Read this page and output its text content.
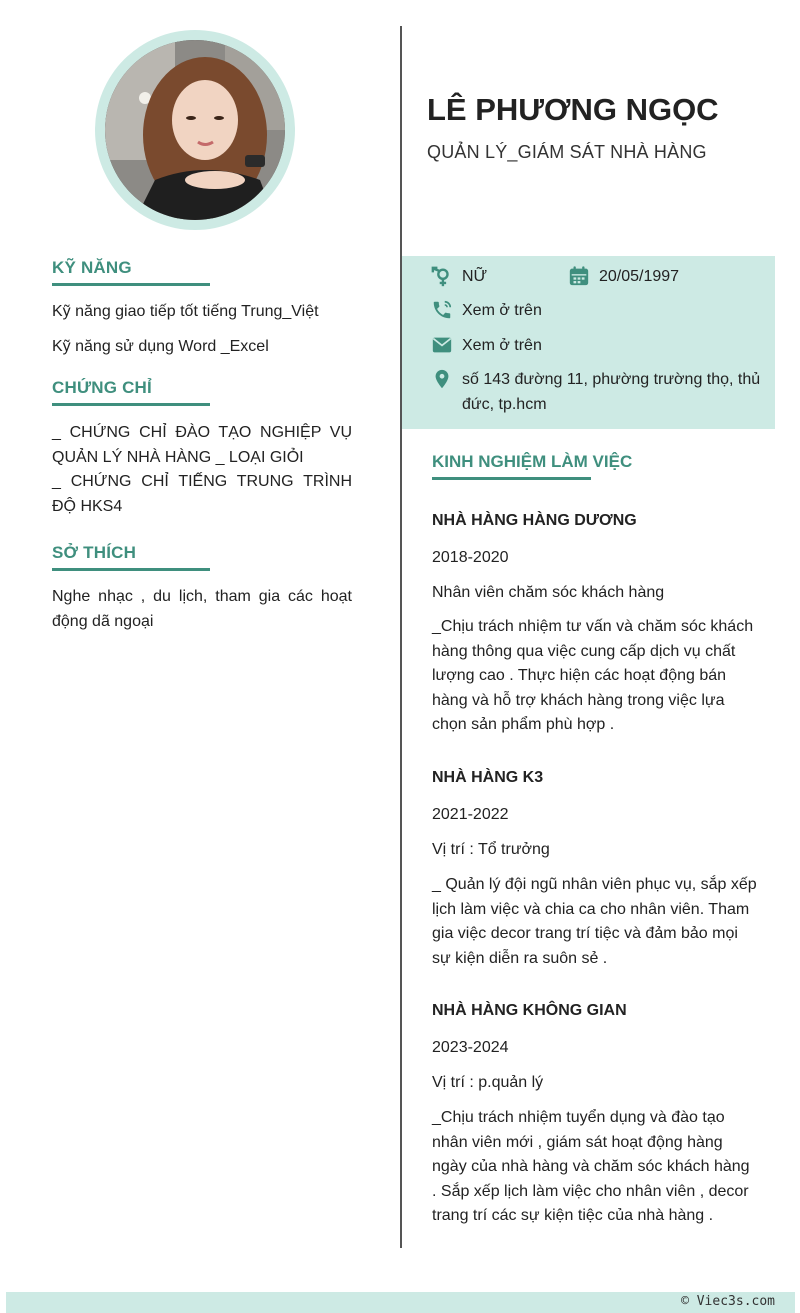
KỸ NĂNG
Kỹ năng giao tiếp tốt tiếng Trung_Việt
Kỹ năng sử dụng Word _Excel
CHỨNG CHỈ
_ CHỨNG CHỈ ĐÀO TẠO NGHIỆP VỤ QUẢN LÝ NHÀ HÀNG _ LOẠI GIỎI
_ CHỨNG CHỈ TIẾNG TRUNG TRÌNH ĐỘ HKS4
SỞ THÍCH
Nghe nhạc , du lịch, tham gia các hoạt động dã ngoại
LÊ PHƯƠNG NGỌC
QUẢN LÝ_GIÁM SÁT NHÀ HÀNG
NỮ	20/05/1997
Xem ở trên
Xem ở trên
số 143 đường 11, phường trường thọ, thủ đức, tp.hcm
KINH NGHIỆM LÀM VIỆC
NHÀ HÀNG HÀNG DƯƠNG
2018-2020
Nhân viên chăm sóc khách hàng
_Chịu trách nhiệm tư vấn và chăm sóc khách hàng thông qua việc cung cấp dịch vụ chất lượng cao . Thực hiện các hoạt động bán hàng và hỗ trợ khách hàng trong việc lựa chọn sản phẩm phù hợp .
NHÀ HÀNG K3
2021-2022
Vị trí : Tổ trưởng
_ Quản lý đội ngũ nhân viên phục vụ, sắp xếp lịch làm việc và chia ca cho nhân viên. Tham gia việc decor trang trí tiệc và đảm bảo mọi sự kiện diễn ra suôn sẻ .
NHÀ HÀNG KHÔNG GIAN
2023-2024
Vị trí : p.quản lý
_Chịu trách nhiệm tuyển dụng và đào tạo nhân viên mới , giám sát hoạt động hàng ngày của nhà hàng và chăm sóc khách hàng . Sắp xếp lịch làm việc cho nhân viên , decor trang trí các sự kiện tiệc của nhà hàng .
© Viec3s.com
